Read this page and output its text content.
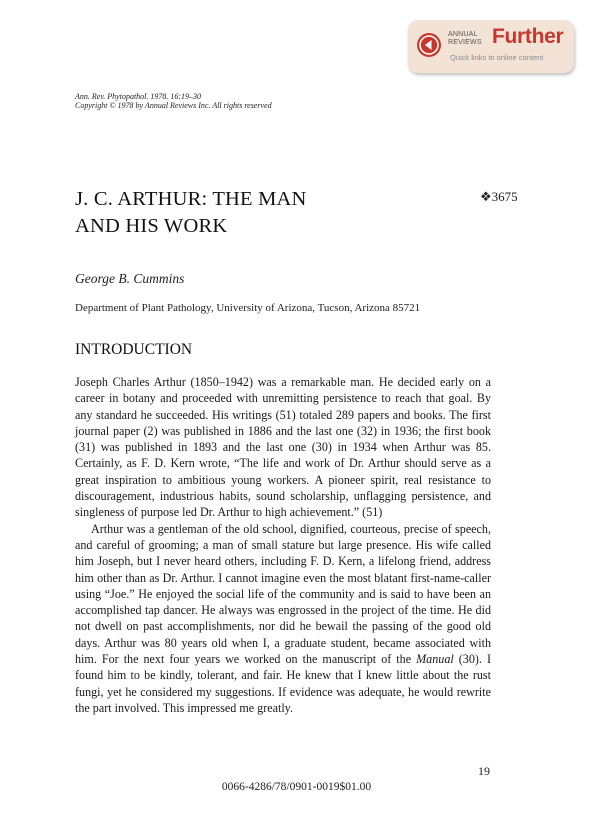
ANNUAL
REVIEWS Further
Quick links to online content
Ann. Rev. Phytopathol. 1978. 16:19–30
Copyright © 1978 by Annual Reviews Inc. All rights reserved
J. C. ARTHUR: THE MAN
AND HIS WORK
❖3675
George B. Cummins
Department of Plant Pathology, University of Arizona, Tucson, Arizona 85721
INTRODUCTION

Joseph Charles Arthur (1850–1942) was a remarkable man. He decided early on a career in botany and proceeded with unremitting persistence to reach that goal. By any standard he succeeded. His writings (51) totaled 289 papers and books. The first journal paper (2) was published in 1886 and the last one (32) in 1936; the first book (31) was published in 1893 and the last one (30) in 1934 when Arthur was 85. Certainly, as F. D. Kern wrote, “The life and work of Dr. Arthur should serve as a great inspiration to ambitious young workers. A pioneer spirit, real resistance to discouragement, industrious habits, sound scholarship, unflagging persistence, and singleness of purpose led Dr. Arthur to high achievement.” (51)

Arthur was a gentleman of the old school, dignified, courteous, precise of speech, and careful of grooming; a man of small stature but large presence. His wife called him Joseph, but I never heard others, including F. D. Kern, a lifelong friend, address him other than as Dr. Arthur. I cannot imagine even the most blatant first-name-caller using “Joe.” He enjoyed the social life of the community and is said to have been an accomplished tap dancer. He always was engrossed in the project of the time. He did not dwell on past accomplishments, nor did he bewail the passing of the good old days. Arthur was 80 years old when I, a graduate student, became associated with him. For the next four years we worked on the manuscript of the Manual (30). I found him to be kindly, tolerant, and fair. He knew that I knew little about the rust fungi, yet he considered my suggestions. If evidence was adequate, he would rewrite the part involved. This impressed me greatly.

19
0066-4286/78/0901-0019$01.00
